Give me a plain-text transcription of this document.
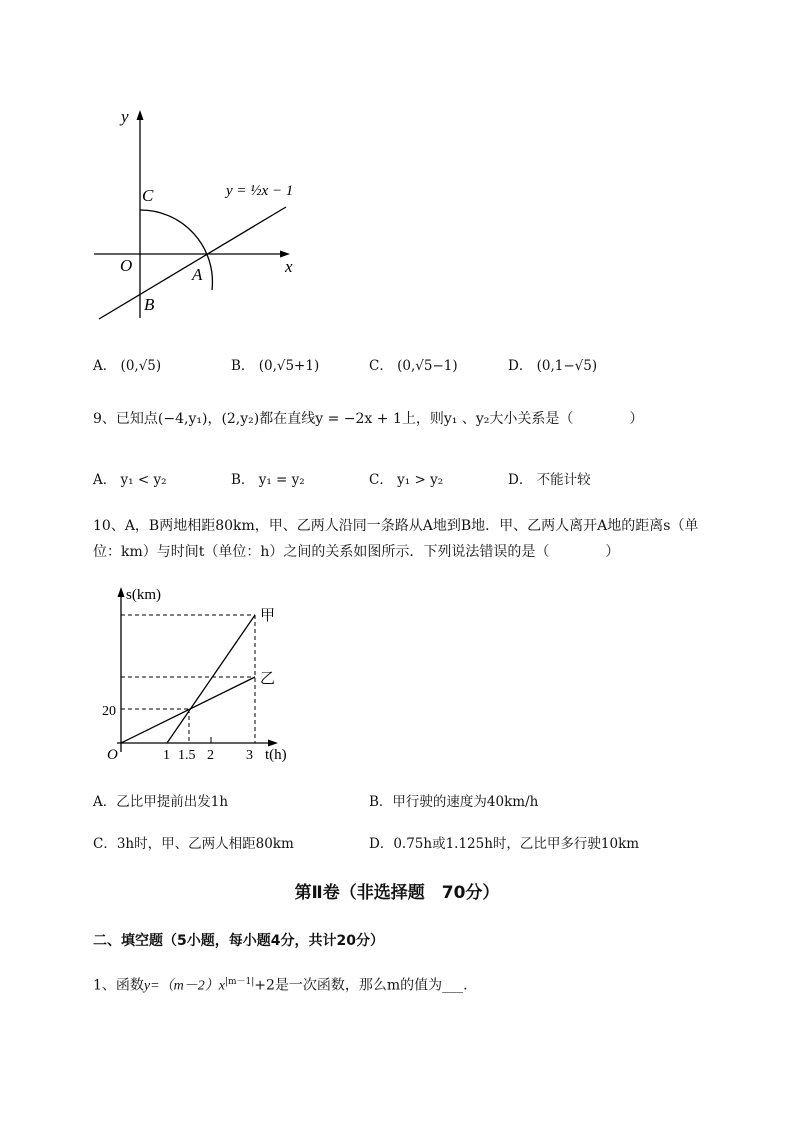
y
x
O	A
B
C	y = ½x − 1
A． (0,√5)	B． (0,√5+1)	C． (0,√5−1)	D． (0,1−√5)
9、已知点(−4,y₁)，(2,y₂)都在直线y = −2x + 1上，则y₁ 、y₂大小关系是（　　　　）
A． y₁ < y₂	B． y₁ = y₂	C． y₁ > y₂	D． 不能计较
10、A，B两地相距80km，甲、乙两人沿同一条路从A地到B地．甲、乙两人离开A地的距离s（单
位：km）与时间t（单位：h）之间的关系如图所示．下列说法错误的是（　　　　）
s(km)
t(h)
O
20
1 1.5 2 3
甲
乙
A．乙比甲提前出发1h	B．甲行驶的速度为40km/h
C．3h时，甲、乙两人相距80km	D．0.75h或1.125h时，乙比甲多行驶10km
第Ⅱ卷（非选择题　70分）
二、填空题（5小题，每小题4分，共计20分）
1、函数$y=(m-2)x^{|m-1|}+2$是一次函数，那么m的值为___.
